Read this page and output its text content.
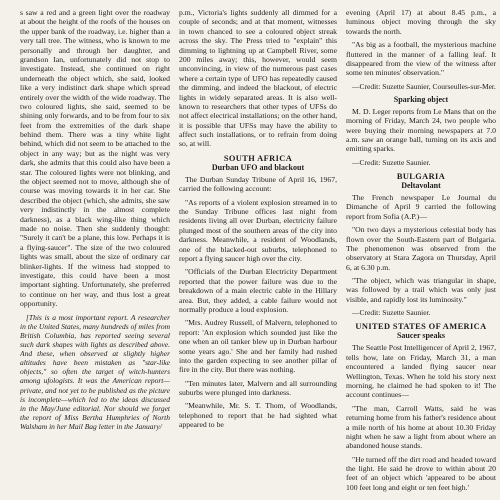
s saw a red and a green light over the roadway at about the height of the roofs of the houses on the upper bank of the roadway, i.e. higher than a very tall tree. The witness, who is known to me personally and through her daughter, and grandson Ian, unfortunately did not stop to investigate. Instead, she continued on right underneath the object which, she said, looked like a very indistinct dark shape which spread entirely over the width of the wide roadway. The two coloured lights, she said, seemed to be shining only forwards, and to be from four to six feet from the extremities of the dark shape behind them. There was a tiny white light behind, which did not seem to be attached to the object in any way; but as the night was very dark, she admits that this could also have been a star. The coloured lights were not blinking, and the object seemed not to move, although she of course was moving towards it in her car. She described the object (which, she admits, she saw very indistinctly in the almost complete darkness), as a black wing-like thing which made no noise. Then she suddenly thought: "Surely it can't be a plane, this low. Perhaps it is a flying-saucer". The size of the two coloured lights was small, about the size of ordinary car blinker-lights. If the witness had stopped to investigate, this could have been a most important sighting. Unfortunately, she preferred to continue on her way, and thus lost a great opportunity.

[This is a most important report. A researcher in the United States, many hundreds of miles from British Columbia, has reported seeing several such dark shapes with lights as described above. And these, when observed at slightly higher altitudes have been mistaken as "star-like objects," so often the target of witch-hunters among ufologists. It was the American report—private, and not yet to be published as the picture is incomplete—which led to the ideas discussed in the May/June editorial. Nor should we forget the report of Miss Bertha Humphries of North Walsham in her Mail Bag letter in the January/

p.m., Victoria's lights suddenly all dimmed for a couple of seconds; and at that moment, witnesses in town chanced to see a coloured object streak across the sky. The Press tried to "explain" this dimming to lightning up at Campbell River, some 200 miles away; this, however, would seem unconvincing, in view of the numerous past cases where a certain type of UFO has repeatedly caused the dimming, and indeed the blackout, of electric lights in widely separated areas. It is also well-known to researchers that other types of UFSs do not affect electrical installations; on the other hand, it is possible that UFSs may have the ability to affect such installations, or to refrain from doing so, at will.

SOUTH AFRICA
Durban UFO and blackout

The Durban Sunday Tribune of April 16, 1967, carried the following account:

"As reports of a violent explosion streamed in to the Sunday Tribune offices last night from residents living all over Durban, electricity failure plunged most of the southern areas of the city into darkness. Meanwhile, a resident of Woodlands, one of the blacked-out suburbs, telephoned to report a flying saucer high over the city.

"Officials of the Durban Electricity Department reported that the power failure was due to the breakdown of a main electric cable in the Hillary area. But, they added, a cable failure would not normally produce a loud explosion.

"Mrs. Audrey Russell, of Malvern, telephoned to report: 'An explosion which sounded just like the one when an oil tanker blew up in Durban harbour some years ago.' She and her family had rushed into the garden expecting to see another pillar of fire in the city. But there was nothing.

"Ten minutes later, Malvern and all surrounding suburbs were plunged into darkness.

"Meanwhile, Mr. S. T. Thom, of Woodlands, telephoned to report that he had sighted what appeared to be

evening (April 17) at about 8.45 p.m., a luminous object moving through the sky towards the north.

"As big as a football, the mysterious machine fluttered in the manner of a falling leaf. It disappeared from the view of the witness after some ten minutes' observation."

—Credit: Suzette Saunier, Courseulles-sur-Mer.

Sparking object

M. D. Leger reports from Le Mans that on the morning of Friday, March 24, two people who were buying their morning newspapers at 7.0 a.m. saw an orange ball, turning on its axis and emitting sparks.

—Credit: Suzette Saunier.

BULGARIA
Deltavolant

The French newspaper Le Journal du Dimanche of April 9 carried the following report from Sofia (A.P.)—

"On two days a mysterious celestial body has flown over the South-Eastern part of Bulgaria. The phenomenon was observed from the observatory at Stara Zagora on Thursday, April 6, at 6.30 p.m.

"The object, which was triangular in shape, was followed by a trail which was only just visible, and rapidly lost its luminosity."

—Credit: Suzette Saunier.

UNITED STATES OF AMERICA
Saucer speaks

The Seattle Post Intelligencer of April 2, 1967, tells how, late on Friday, March 31, a man encountered a landed flying saucer near Wellington, Texas. When he told his story next morning, he claimed he had spoken to it! The account continues—

"The man, Carroll Watts, said he was returning home from his father's residence about a mile north of his home at about 10.30 Friday night when he saw a light from about where an abandoned house stands.

"He turned off the dirt road and headed toward the light. He said he drove to within about 20 feet of an object which 'appeared to be about 100 feet long and eight or ten feet high.'
